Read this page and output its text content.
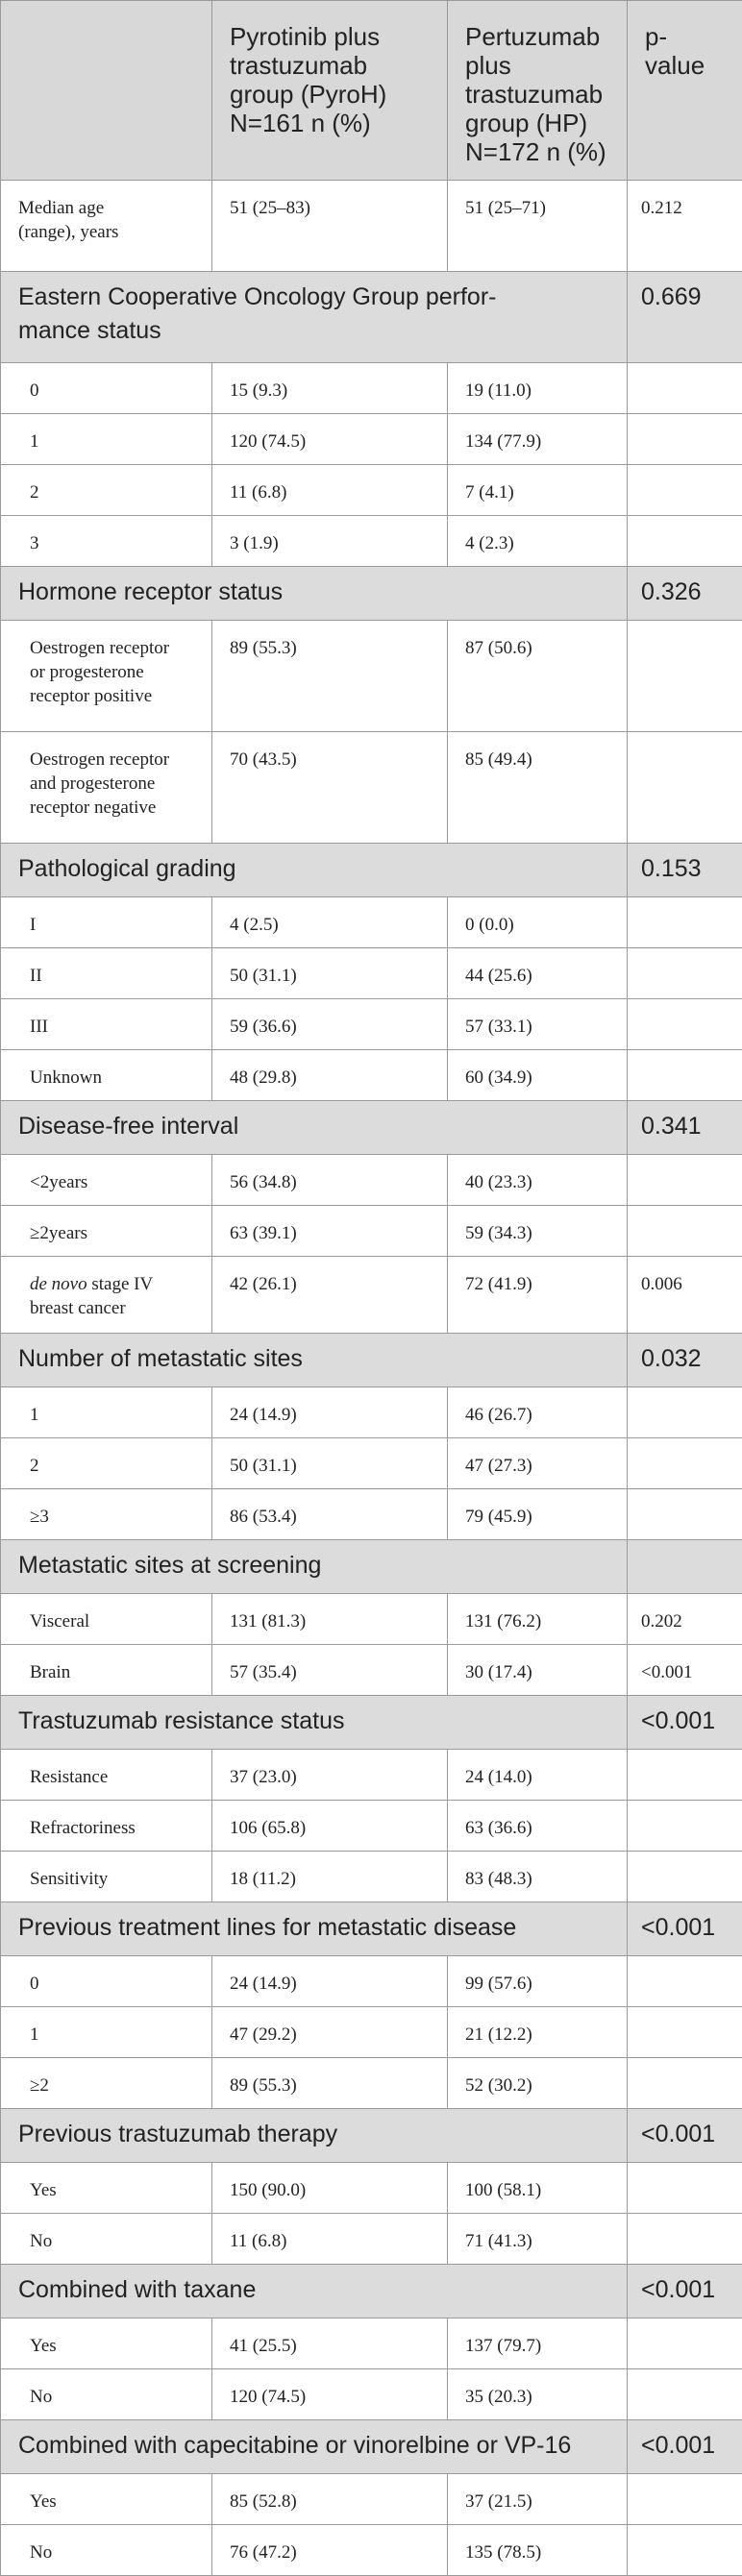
	Pyrotinib plus
trastuzumab
group (PyroH)
N=161 n (%)	Pertuzumab
plus
trastuzumab
group (HP)
N=172 n (%)	p-
value

Median age
(range), years	51 (25–83)	51 (25–71)	0.212

Eastern Cooperative Oncology Group perfor-
mance status			0.669
0	15 (9.3)	19 (11.0)	
1	120 (74.5)	134 (77.9)	
2	11 (6.8)	7 (4.1)	
3	3 (1.9)	4 (2.3)	
Hormone receptor status			0.326

Oestrogen receptor
or progesterone
receptor positive	89 (55.3)	87 (50.6)	

Oestrogen receptor
and progesterone
receptor negative	70 (43.5)	85 (49.4)	
Pathological grading			0.153
I	4 (2.5)	0 (0.0)	
II	50 (31.1)	44 (25.6)	
III	59 (36.6)	57 (33.1)	
Unknown	48 (29.8)	60 (34.9)	
Disease-free interval			0.341
<2years	56 (34.8)	40 (23.3)	
≥2years	63 (39.1)	59 (34.3)	

de novo stage IV
breast cancer	42 (26.1)	72 (41.9)	0.006
Number of metastatic sites			0.032
1	24 (14.9)	46 (26.7)	
2	50 (31.1)	47 (27.3)	
≥3	86 (53.4)	79 (45.9)	
Metastatic sites at screening			
Visceral	131 (81.3)	131 (76.2)	0.202
Brain	57 (35.4)	30 (17.4)	<0.001
Trastuzumab resistance status			<0.001
Resistance	37 (23.0)	24 (14.0)	
Refractoriness	106 (65.8)	63 (36.6)	
Sensitivity	18 (11.2)	83 (48.3)	
Previous treatment lines for metastatic disease			<0.001
0	24 (14.9)	99 (57.6)	
1	47 (29.2)	21 (12.2)	
≥2	89 (55.3)	52 (30.2)	
Previous trastuzumab therapy			<0.001
Yes	150 (90.0)	100 (58.1)	
No	11 (6.8)	71 (41.3)	
Combined with taxane			<0.001
Yes	41 (25.5)	137 (79.7)	
No	120 (74.5)	35 (20.3)	
Combined with capecitabine or vinorelbine or VP-16			<0.001
Yes	85 (52.8)	37 (21.5)	
No	76 (47.2)	135 (78.5)	
